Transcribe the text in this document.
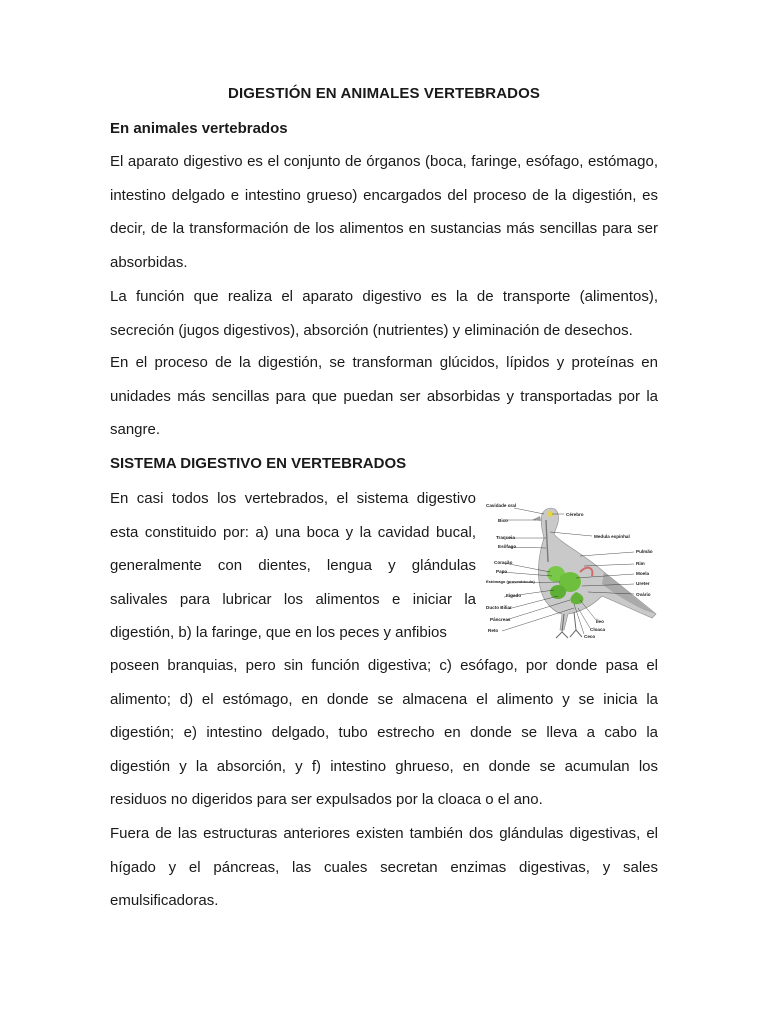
DIGESTIÓN EN ANIMALES VERTEBRADOS
En animales vertebrados

El aparato digestivo es el conjunto de órganos (boca, faringe, esófago, estómago, intestino delgado e intestino grueso) encargados del proceso de la digestión, es decir, de la transformación de los alimentos en sustancias más sencillas para ser absorbidas.

La función que realiza el aparato digestivo es la de transporte (alimentos), secreción (jugos digestivos), absorción (nutrientes) y eliminación de desechos.

En el proceso de la digestión, se transforman glúcidos, lípidos y proteínas en unidades más sencillas para que puedan ser absorbidas y transportadas por la sangre.

SISTEMA DIGESTIVO EN VERTEBRADOS

En casi todos los vertebrados, el sistema digestivo esta constituido por: a) una boca y la cavidad bucal, generalmente con dientes, lengua y glándulas salivales para lubricar los alimentos e iniciar la digestión, b) la faringe, que en los peces y anfibios

Cavidade oral
Bico
Traqueia
Esôfago
Coração
Papo
Estômago (proventrículo)
Fígado
Ducto Biliar
Pâncreas
Reto
Cérebro
Medula espinhal
Pulmão
Rim
Moela
Ureter
Ovário
Íleo
Cloaca
Ceco

poseen branquias, pero sin función digestiva; c) esófago, por donde pasa el alimento; d) el estómago, en donde se almacena el alimento y se inicia la digestión; e) intestino delgado, tubo estrecho en donde se lleva a cabo la digestión y la absorción, y f) intestino ghrueso, en donde se acumulan los residuos no digeridos para ser expulsados por la cloaca o el ano.

Fuera de las estructuras anteriores existen también dos glándulas digestivas, el hígado y el páncreas, las cuales secretan enzimas digestivas, y sales emulsificadoras.
